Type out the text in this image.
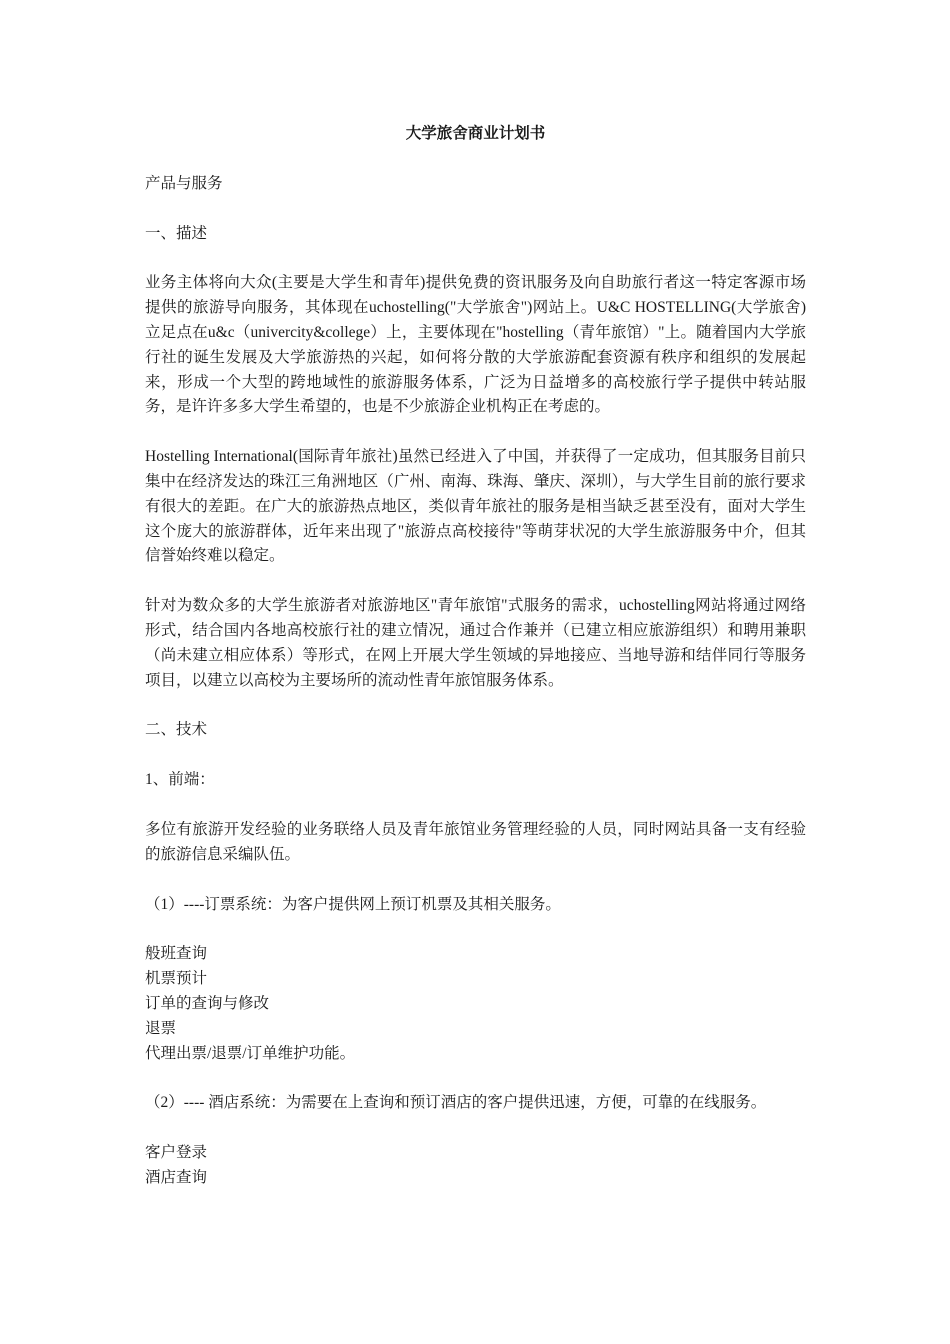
大学旅舍商业计划书
产品与服务
一、描述
业务主体将向大众(主要是大学生和青年)提供免费的资讯服务及向自助旅行者这一特定客源市场提供的旅游导向服务，其体现在uchostelling("大学旅舍")网站上。U&C HOSTELLING(大学旅舍)立足点在u&c（univercity&college）上，主要体现在"hostelling（青年旅馆）"上。随着国内大学旅行社的诞生发展及大学旅游热的兴起，如何将分散的大学旅游配套资源有秩序和组织的发展起来，形成一个大型的跨地域性的旅游服务体系，广泛为日益增多的高校旅行学子提供中转站服务，是许许多多大学生希望的，也是不少旅游企业机构正在考虑的。
Hostelling International(国际青年旅社)虽然已经进入了中国，并获得了一定成功，但其服务目前只集中在经济发达的珠江三角洲地区（广州、南海、珠海、肇庆、深圳），与大学生目前的旅行要求有很大的差距。在广大的旅游热点地区，类似青年旅社的服务是相当缺乏甚至没有，面对大学生这个庞大的旅游群体，近年来出现了"旅游点高校接待"等萌芽状况的大学生旅游服务中介，但其信誉始终难以稳定。
针对为数众多的大学生旅游者对旅游地区"青年旅馆"式服务的需求，uchostelling网站将通过网络形式，结合国内各地高校旅行社的建立情况，通过合作兼并（已建立相应旅游组织）和聘用兼职（尚未建立相应体系）等形式，在网上开展大学生领域的异地接应、当地导游和结伴同行等服务项目，以建立以高校为主要场所的流动性青年旅馆服务体系。
二、技术
1、前端：
多位有旅游开发经验的业务联络人员及青年旅馆业务管理经验的人员，同时网站具备一支有经验的旅游信息采编队伍。
（1）----订票系统：为客户提供网上预订机票及其相关服务。
般班查询
机票预计
订单的查询与修改
退票
代理出票/退票/订单维护功能。
（2）---- 酒店系统：为需要在上查询和预订酒店的客户提供迅速，方便，可靠的在线服务。
客户登录
酒店查询
